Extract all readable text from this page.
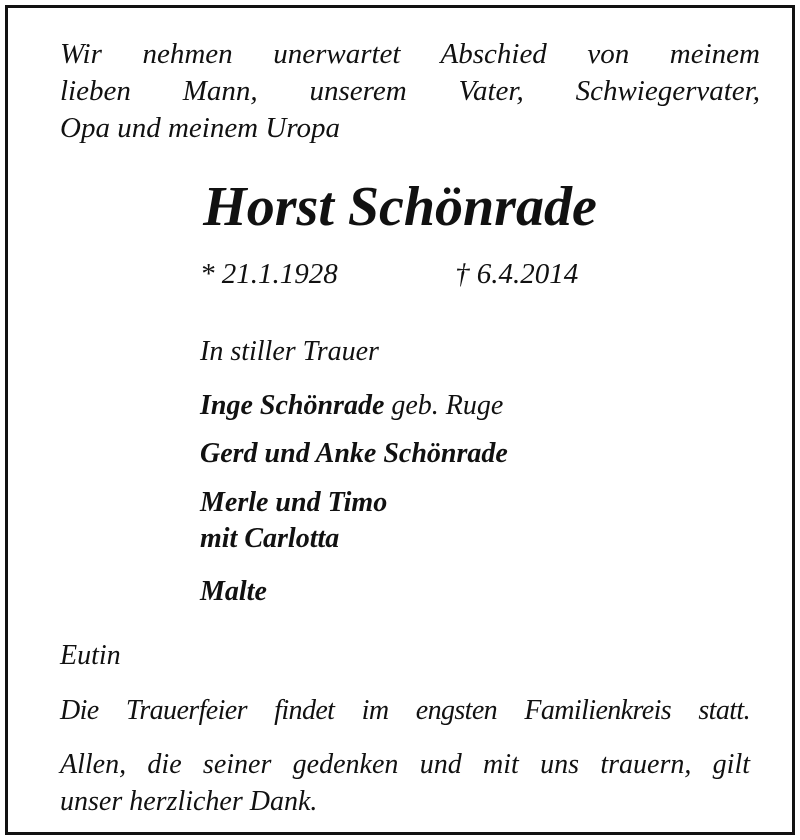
Wir nehmen unerwartet Abschied von meinem
lieben Mann, unserem Vater, Schwiegervater,
Opa und meinem Uropa

Horst Schönrade
* 21.1.1928	† 6.4.2014
In stiller Trauer
Inge Schönrade geb. Ruge
Gerd und Anke Schönrade
Merle und Timo
mit Carlotta
Malte
Eutin
Die Trauerfeier findet im engsten Familienkreis statt.

Allen, die seiner gedenken und mit uns trauern, gilt
unser herzlicher Dank.
